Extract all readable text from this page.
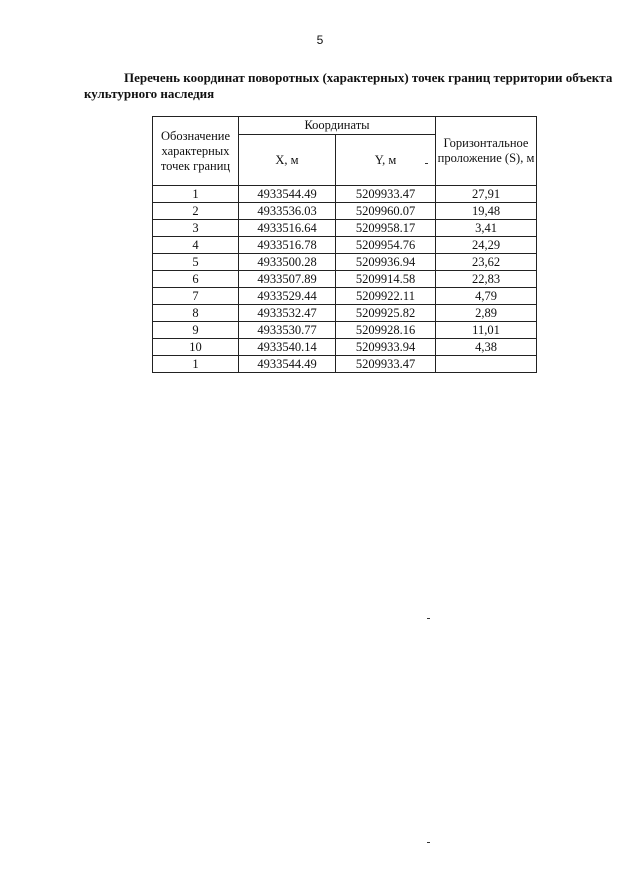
5

Перечень координат поворотных (характерных) точек границ территории объекта культурного наследия

Обозначение характерных точек границ	Координаты		Горизонтальное проложение (S), м
	X, м	Y, м	
1	4933544.49	5209933.47	27,91
2	4933536.03	5209960.07	19,48
3	4933516.64	5209958.17	3,41
4	4933516.78	5209954.76	24,29
5	4933500.28	5209936.94	23,62
6	4933507.89	5209914.58	22,83
7	4933529.44	5209922.11	4,79
8	4933532.47	5209925.82	2,89
9	4933530.77	5209928.16	11,01
10	4933540.14	5209933.94	4,38
1	4933544.49	5209933.47	
